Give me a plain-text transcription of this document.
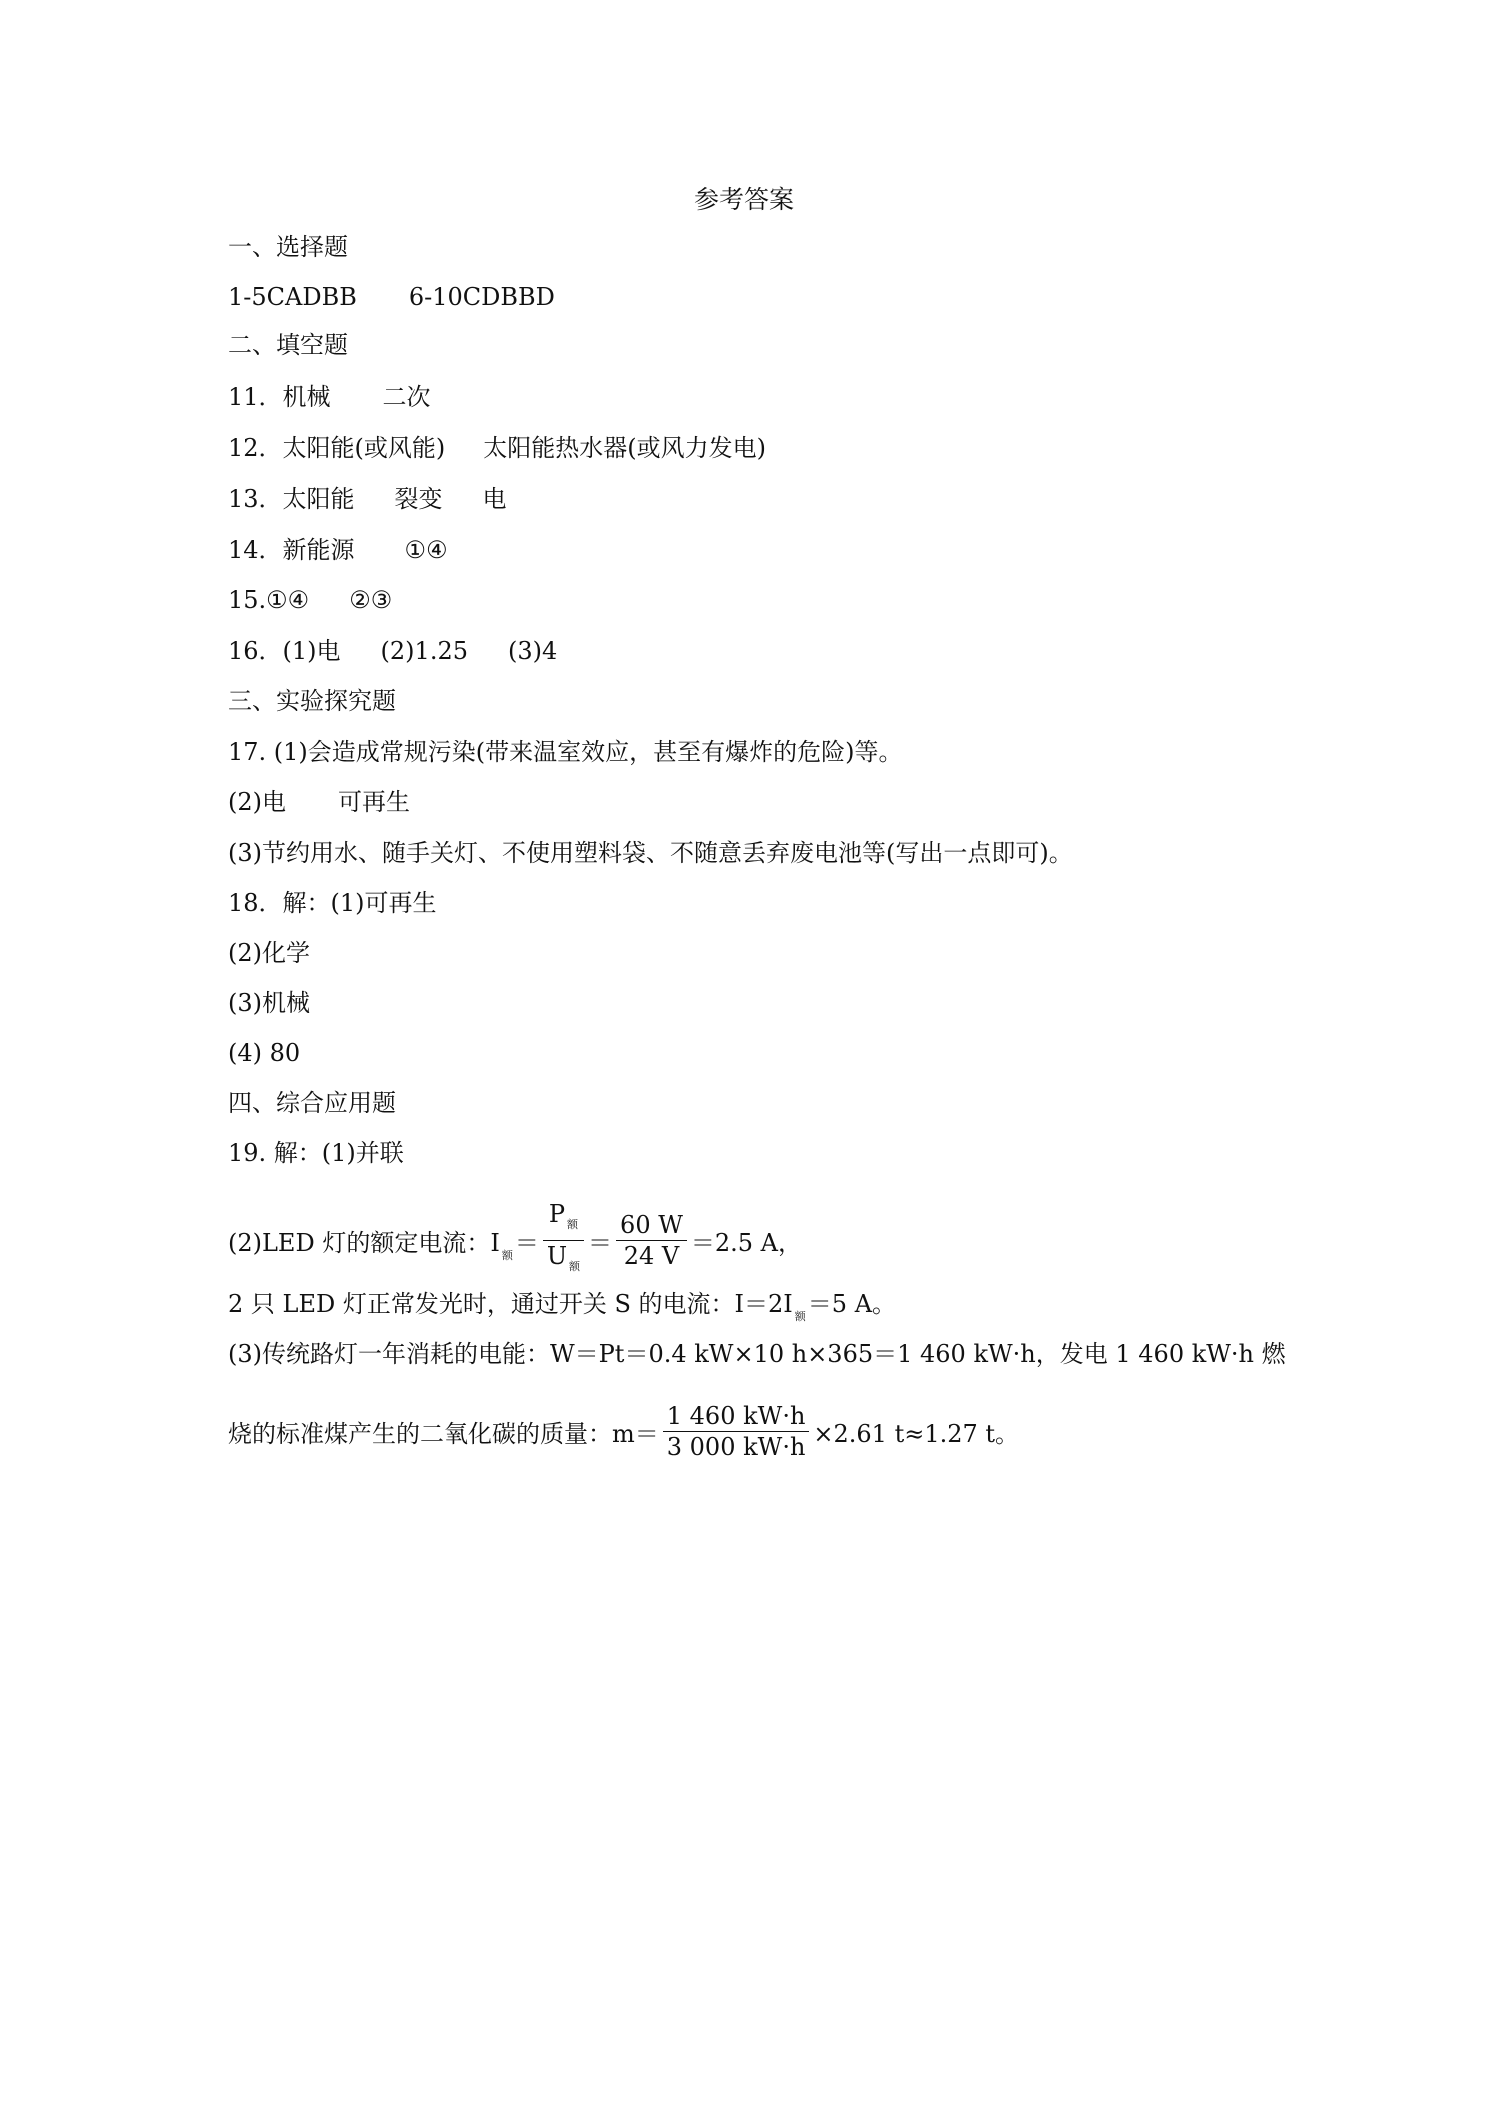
参考答案
一、选择题
1-5CADBB 6-10CDBBD
二、填空题
11．机械 二次
12．太阳能(或风能) 太阳能热水器(或风力发电)
13．太阳能 裂变 电
14．新能源 ①④
15.①④ ②③
16．(1)电 (2)1.25 (3)4
三、实验探究题
17. (1)会造成常规污染(带来温室效应，甚至有爆炸的危险)等。
(2)电 可再生
(3)节约用水、随手关灯、不使用塑料袋、不随意丢弃废电池等(写出一点即可)。
18．解：(1)可再生
(2)化学
(3)机械
(4) 80
四、综合应用题
19. 解：(1)并联
(2)LED 灯的额定电流：I $_额= \frac{P _额}{U _额} = \frac{60 W}{24 V} =2.5$ A，
2 只 LED 灯正常发光时，通过开关 S 的电流：I＝2I $_额$＝5 A。
(3)传统路灯一年消耗的电能：W＝Pt＝0.4 kW×10 h×365＝1 460 kW·h，发电 1 460 kW·h 燃
烧的标准煤产生的二氧化碳的质量：$m= \frac{1 460 kW\cdot h}{3 000 kW\cdot h} \times 2.61$ t≈1.27 t。
